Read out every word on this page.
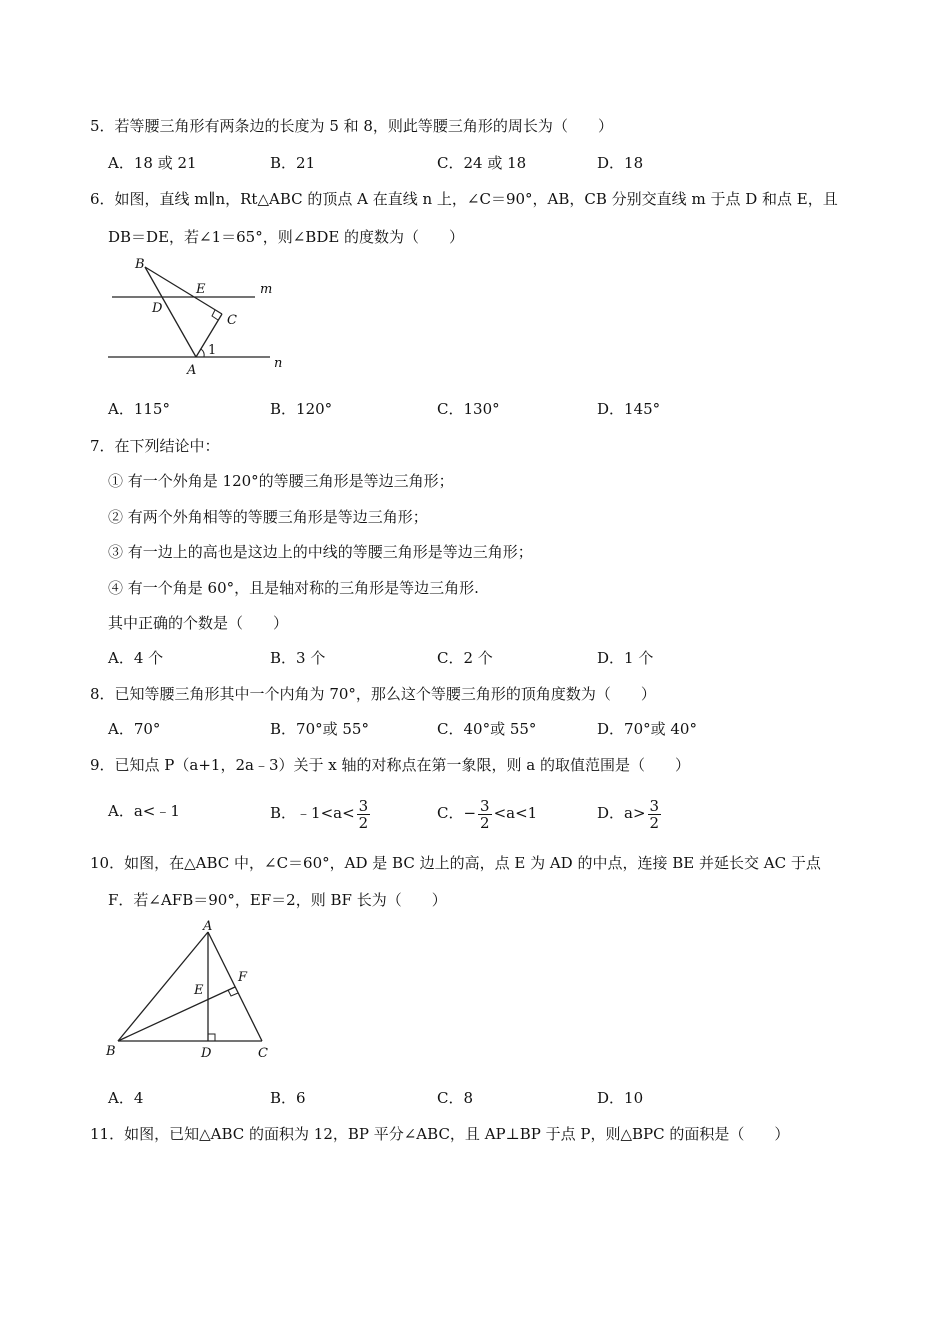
5．若等腰三角形有两条边的长度为 5 和 8，则此等腰三角形的周长为（　　）
A．18 或 21	B．21	C．24 或 18	D．18
6．如图，直线 m∥n，Rt△ABC 的顶点 A 在直线 n 上，∠C＝90°，AB，CB 分别交直线 m 于点 D 和点 E，且
DB＝DE，若∠1＝65°，则∠BDE 的度数为（　　）
B
D
E	m
C
1
A	n
A．115°	B．120°	C．130°	D．145°
7．在下列结论中：
① 有一个外角是 120°的等腰三角形是等边三角形；
② 有两个外角相等的等腰三角形是等边三角形；
③ 有一边上的高也是这边上的中线的等腰三角形是等边三角形；
④ 有一个角是 60°，且是轴对称的三角形是等边三角形.
其中正确的个数是（　　）
A．4 个	B．3 个	C．2 个	D．1 个
8．已知等腰三角形其中一个内角为 70°，那么这个等腰三角形的顶角度数为（　　）
A．70°	B．70°或 55°	C．40°或 55°	D．70°或 40°
9．已知点 P（a+1，2a﹣3）关于 x 轴的对称点在第一象限，则 a 的取值范围是（　　）
A．a<﹣1	B．﹣1<a< $\frac{3}{2}$	C．− $\frac{3}{2} <a<1$	D．$a> \frac{3}{2}$
10．如图，在△ABC 中，∠C＝60°，AD 是 BC 边上的高，点 E 为 AD 的中点，连接 BE 并延长交 AC 于点
F．若∠AFB＝90°，EF＝2，则 BF 长为（　　）
A
E
F
B	D	C
A．4	B．6	C．8	D．10
11．如图，已知△ABC 的面积为 12，BP 平分∠ABC，且 AP⊥BP 于点 P，则△BPC 的面积是（　　）
